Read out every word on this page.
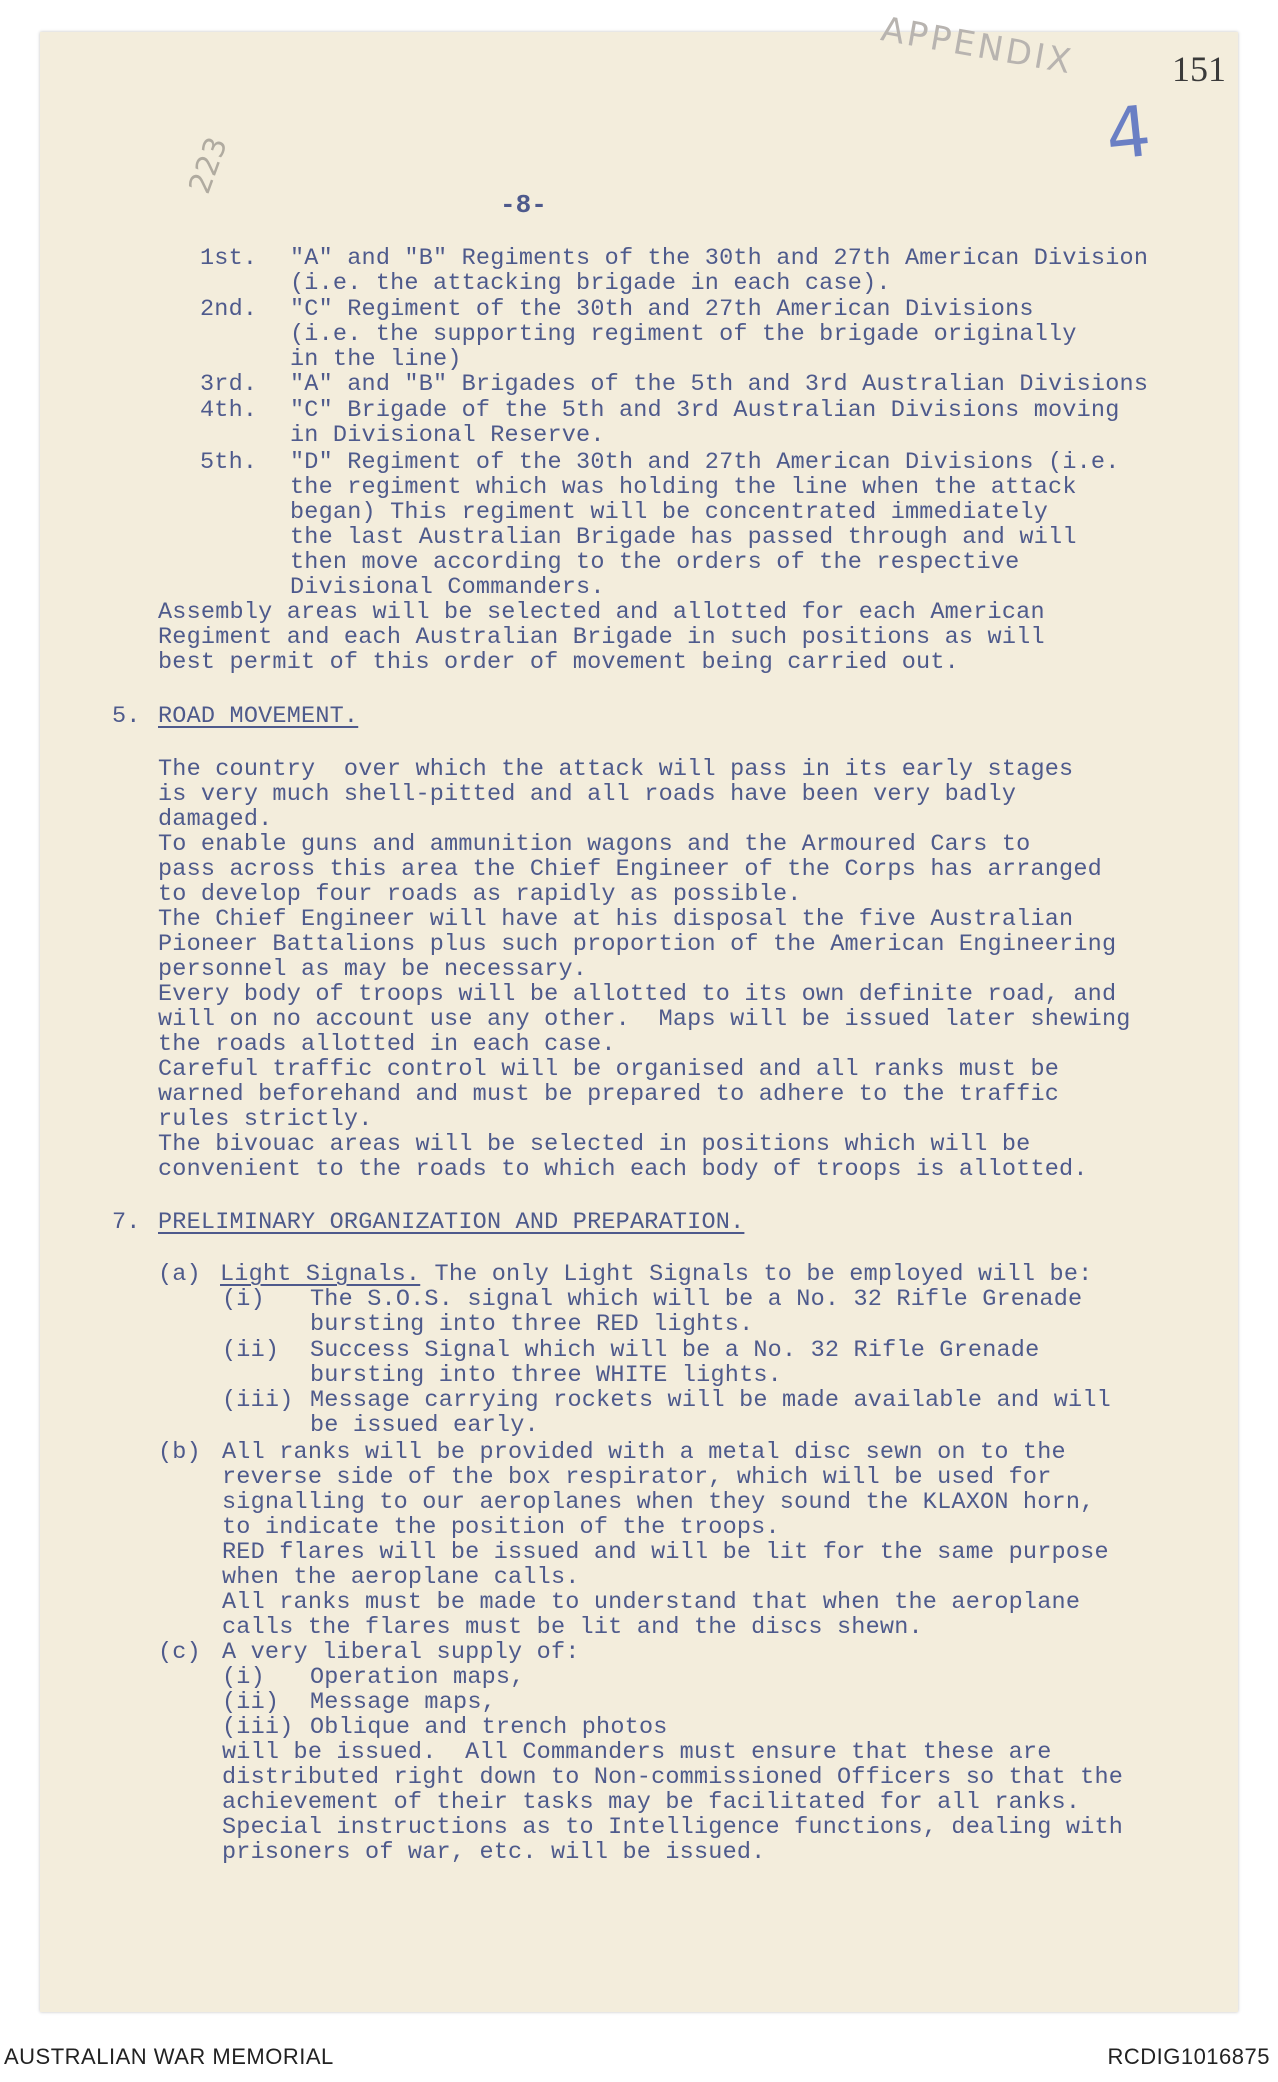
APPENDIX	151
4
223
-8-
1st. "A" and "B" Regiments of the 30th and 27th American Division
(i.e. the attacking brigade in each case).
2nd. "C" Regiment of the 30th and 27th American Divisions
(i.e. the supporting regiment of the brigade originally
in the line)
3rd. "A" and "B" Brigades of the 5th and 3rd Australian Divisions
4th. "C" Brigade of the 5th and 3rd Australian Divisions moving
in Divisional Reserve.
5th. "D" Regiment of the 30th and 27th American Divisions (i.e.
the regiment which was holding the line when the attack
began) This regiment will be concentrated immediately
the last Australian Brigade has passed through and will
then move according to the orders of the respective
Divisional Commanders.
Assembly areas will be selected and allotted for each American
Regiment and each Australian Brigade in such positions as will
best permit of this order of movement being carried out.
5. ROAD MOVEMENT.
The country  over which the attack will pass in its early stages
is very much shell-pitted and all roads have been very badly
damaged.
To enable guns and ammunition wagons and the Armoured Cars to
pass across this area the Chief Engineer of the Corps has arranged
to develop four roads as rapidly as possible.
The Chief Engineer will have at his disposal the five Australian
Pioneer Battalions plus such proportion of the American Engineering
personnel as may be necessary.
Every body of troops will be allotted to its own definite road, and
will on no account use any other.  Maps will be issued later shewing
the roads allotted in each case.
Careful traffic control will be organised and all ranks must be
warned beforehand and must be prepared to adhere to the traffic
rules strictly.
The bivouac areas will be selected in positions which will be
convenient to the roads to which each body of troops is allotted.
7. PRELIMINARY ORGANIZATION AND PREPARATION.
(a) Light Signals. The only Light Signals to be employed will be:
(i) The S.O.S. signal which will be a No. 32 Rifle Grenade
bursting into three RED lights.
(ii) Success Signal which will be a No. 32 Rifle Grenade
bursting into three WHITE lights.
(iii) Message carrying rockets will be made available and will
be issued early.
(b) All ranks will be provided with a metal disc sewn on to the
reverse side of the box respirator, which will be used for
signalling to our aeroplanes when they sound the KLAXON horn,
to indicate the position of the troops.
RED flares will be issued and will be lit for the same purpose
when the aeroplane calls.
All ranks must be made to understand that when the aeroplane
calls the flares must be lit and the discs shewn.
(c) A very liberal supply of:
(i) Operation maps,
(ii) Message maps,
(iii) Oblique and trench photos
will be issued.  All Commanders must ensure that these are
distributed right down to Non-commissioned Officers so that the
achievement of their tasks may be facilitated for all ranks.
Special instructions as to Intelligence functions, dealing with
prisoners of war, etc. will be issued.
AUSTRALIAN WAR MEMORIAL	RCDIG1016875
